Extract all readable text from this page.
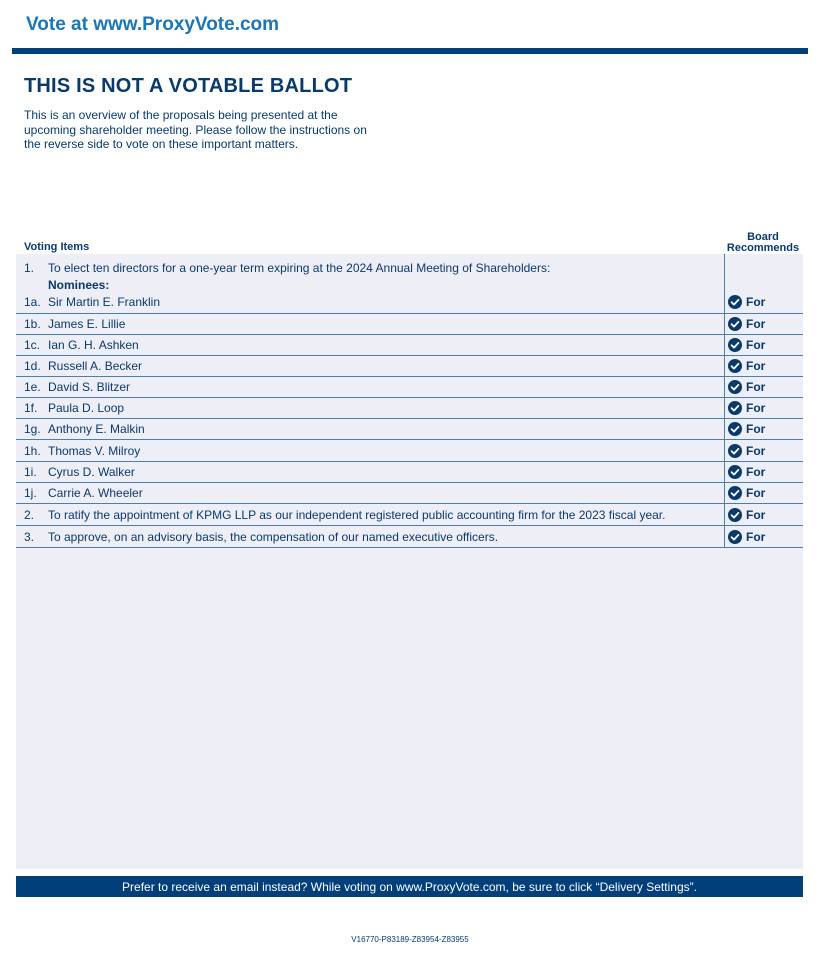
Vote at www.ProxyVote.com
THIS IS NOT A VOTABLE BALLOT
This is an overview of the proposals being presented at the
upcoming shareholder meeting. Please follow the instructions on
the reverse side to vote on these important matters.
Voting Items
Board
Recommends
1. To elect ten directors for a one-year term expiring at the 2024 Annual Meeting of Shareholders:
Nominees:
1a. Sir Martin E. Franklin	For
1b. James E. Lillie	For
1c. Ian G. H. Ashken	For
1d. Russell A. Becker	For
1e. David S. Blitzer	For
1f. Paula D. Loop	For
1g. Anthony E. Malkin	For
1h. Thomas V. Milroy	For
1i. Cyrus D. Walker	For
1j. Carrie A. Wheeler	For
2. To ratify the appointment of KPMG LLP as our independent registered public accounting firm for the 2023 fiscal year.	For
3. To approve, on an advisory basis, the compensation of our named executive officers.	For
Prefer to receive an email instead? While voting on www.ProxyVote.com, be sure to click “Delivery Settings”.
V16770-P83189-Z83954-Z83955
